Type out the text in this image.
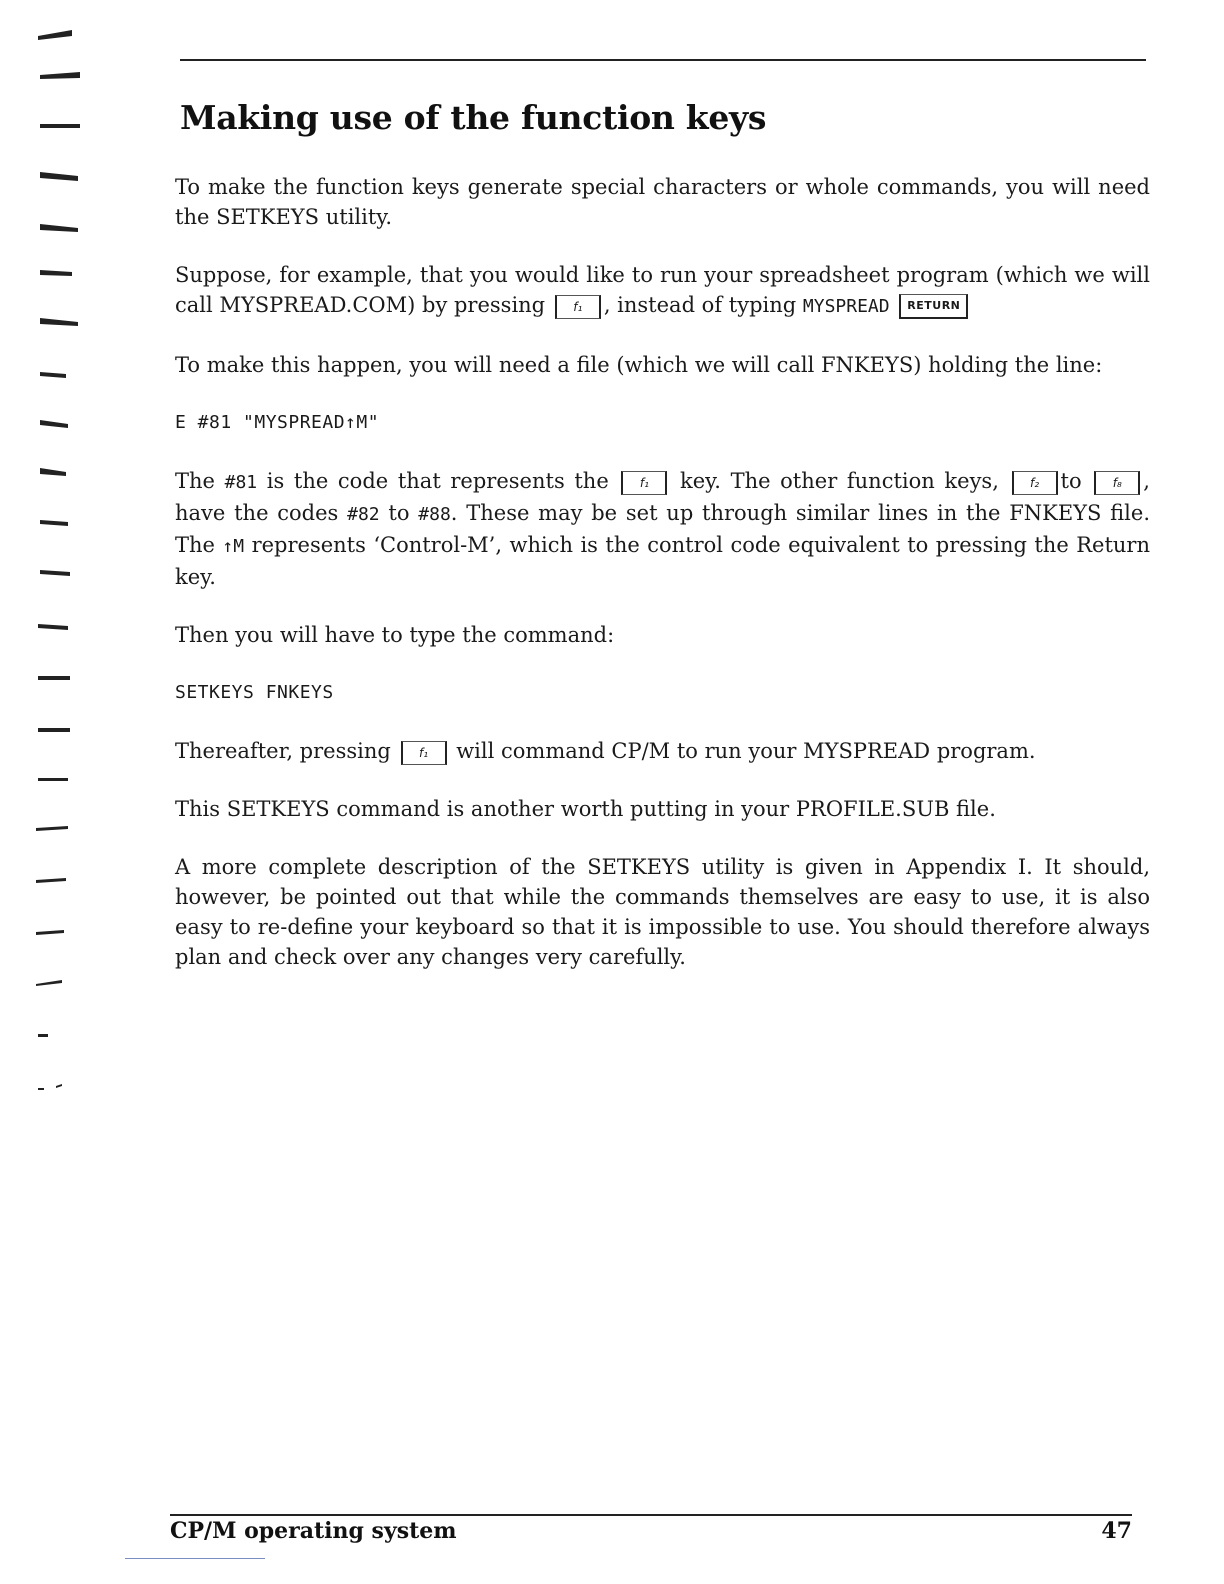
Making use of the function keys

To make the function keys generate special characters or whole commands, you will need the SETKEYS utility.

Suppose, for example, that you would like to run your spreadsheet program (which we will call MYSPREAD.COM) by pressing f₁ , instead of typing MYSPREAD RETURN

To make this happen, you will need a file (which we will call FNKEYS) holding the line:

E #81 "MYSPREAD↑M"

The #81 is the code that represents the	f₁ key. The other function keys,	f₂ to	f₈ , have the codes #82 to #88. These may be set up through similar lines in the FNKEYS file. The ↑M represents ‘Control-M’, which is the control code equivalent to pressing the Return key.

Then you will have to type the command:

SETKEYS FNKEYS

Thereafter, pressing f₁ will command CP/M to run your MYSPREAD program.

This SETKEYS command is another worth putting in your PROFILE.SUB file.

A more complete description of the SETKEYS utility is given in Appendix I. It should, however, be pointed out that while the commands themselves are easy to use, it is also easy to re-define your keyboard so that it is impossible to use. You should therefore always plan and check over any changes very carefully.

CP/M operating system	47
